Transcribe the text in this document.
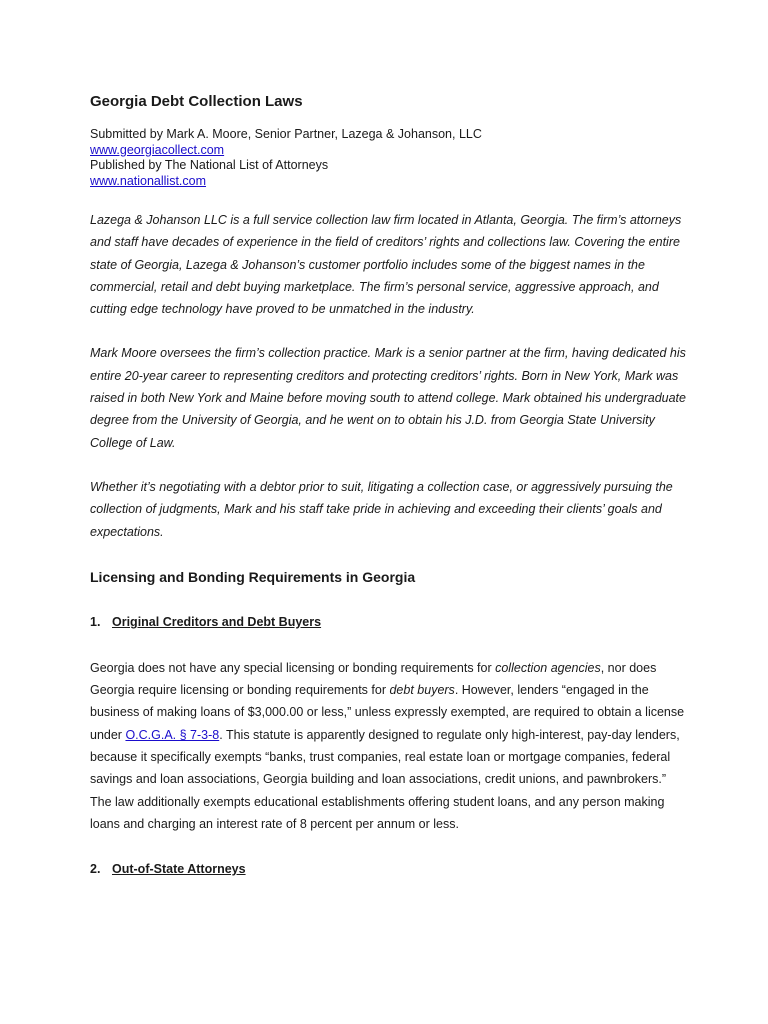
Georgia Debt Collection Laws
Submitted by Mark A. Moore, Senior Partner, Lazega & Johanson, LLC
www.georgiacollect.com
Published by The National List of Attorneys
www.nationallist.com

Lazega & Johanson LLC is a full service collection law firm located in Atlanta, Georgia. The firm’s attorneys and staff have decades of experience in the field of creditors’ rights and collections law. Covering the entire state of Georgia, Lazega & Johanson’s customer portfolio includes some of the biggest names in the commercial, retail and debt buying marketplace. The firm’s personal service, aggressive approach, and cutting edge technology have proved to be unmatched in the industry.

Mark Moore oversees the firm’s collection practice. Mark is a senior partner at the firm, having dedicated his entire 20-year career to representing creditors and protecting creditors’ rights. Born in New York, Mark was raised in both New York and Maine before moving south to attend college. Mark obtained his undergraduate degree from the University of Georgia, and he went on to obtain his J.D. from Georgia State University College of Law.

Whether it’s negotiating with a debtor prior to suit, litigating a collection case, or aggressively pursuing the collection of judgments, Mark and his staff take pride in achieving and exceeding their clients’ goals and expectations.

Licensing and Bonding Requirements in Georgia
1. Original Creditors and Debt Buyers

Georgia does not have any special licensing or bonding requirements for collection agencies, nor does Georgia require licensing or bonding requirements for debt buyers. However, lenders “engaged in the business of making loans of $3,000.00 or less,” unless expressly exempted, are required to obtain a license under O.C.G.A. § 7-3-8. This statute is apparently designed to regulate only high-interest, pay-day lenders, because it specifically exempts “banks, trust companies, real estate loan or mortgage companies, federal savings and loan associations, Georgia building and loan associations, credit unions, and pawnbrokers.” The law additionally exempts educational establishments offering student loans, and any person making loans and charging an interest rate of 8 percent per annum or less.

2. Out-of-State Attorneys
